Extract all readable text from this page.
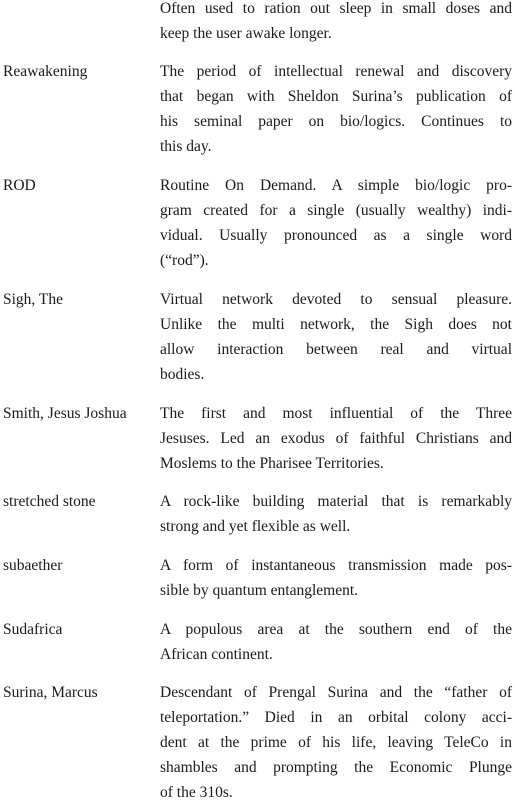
Often used to ration out sleep in small doses and
keep the user awake longer.
Reawakening	The period of intellectual renewal and discovery
that began with Sheldon Surina’s publication of
his seminal paper on bio/logics. Continues to
this day.
ROD	Routine On Demand. A simple bio/logic pro-
gram created for a single (usually wealthy) indi-
vidual. Usually pronounced as a single word
(“rod”).
Sigh, The	Virtual network devoted to sensual pleasure.
Unlike the multi network, the Sigh does not
allow interaction between real and virtual
bodies.
Smith, Jesus Joshua	The first and most influential of the Three
Jesuses. Led an exodus of faithful Christians and
Moslems to the Pharisee Territories.
stretched stone	A rock-like building material that is remarkably
strong and yet flexible as well.
subaether	A form of instantaneous transmission made pos-
sible by quantum entanglement.
Sudafrica	A populous area at the southern end of the
African continent.
Surina, Marcus	Descendant of Prengal Surina and the “father of
teleportation.” Died in an orbital colony acci-
dent at the prime of his life, leaving TeleCo in
shambles and prompting the Economic Plunge
of the 310s.
